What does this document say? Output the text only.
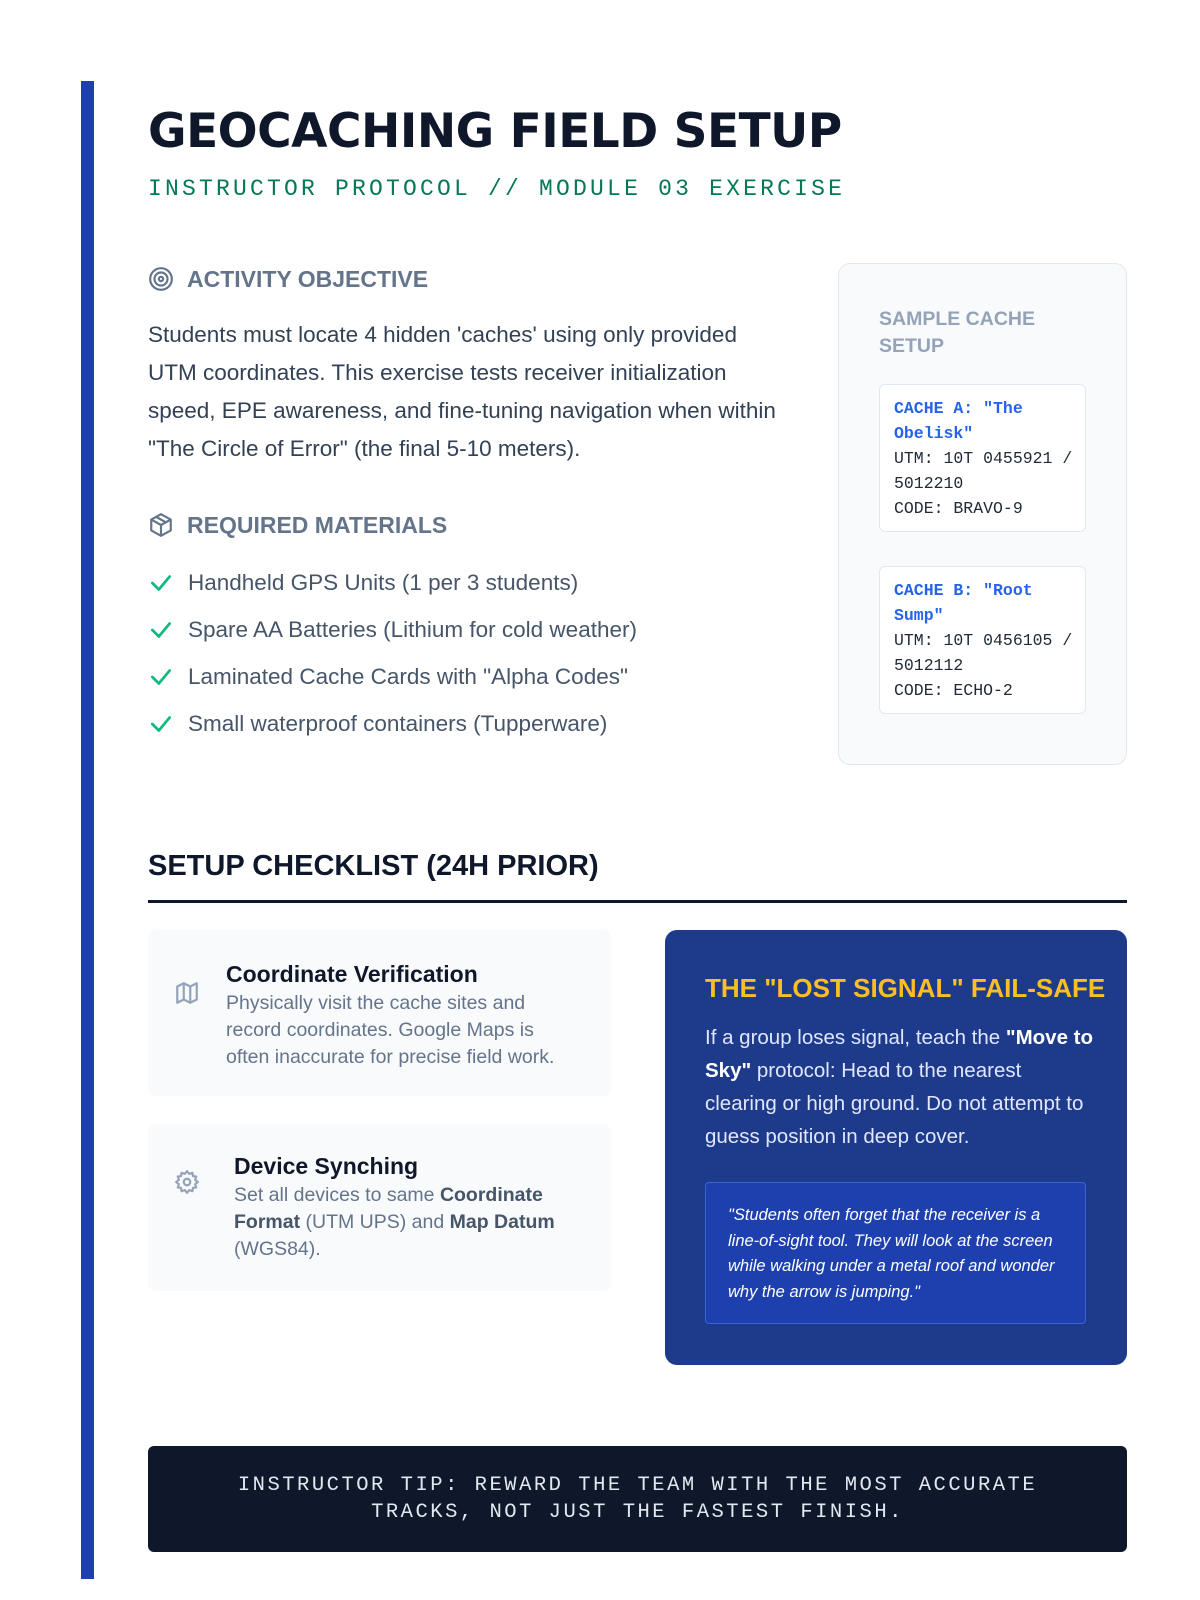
GEOCACHING FIELD SETUP
INSTRUCTOR PROTOCOL // MODULE 03 EXERCISE
ACTIVITY OBJECTIVE

Students must locate 4 hidden 'caches' using only provided UTM coordinates. This exercise tests receiver initialization speed, EPE awareness, and fine-tuning navigation when within "The Circle of Error" (the final 5-10 meters).

REQUIRED MATERIALS
Handheld GPS Units (1 per 3 students)
Spare AA Batteries (Lithium for cold weather)
Laminated Cache Cards with "Alpha Codes"
Small waterproof containers (Tupperware)
SAMPLE CACHE SETUP
CACHE A: "The Obelisk"
UTM: 10T 0455921 / 5012210
CODE: BRAVO-9
CACHE B: "Root Sump"
UTM: 10T 0456105 / 5012112
CODE: ECHO-2
SETUP CHECKLIST (24H PRIOR)
Coordinate Verification
Physically visit the cache sites and record coordinates. Google Maps is often inaccurate for precise field work.
Device Synching
Set all devices to same Coordinate Format (UTM UPS) and Map Datum (WGS84).
THE "LOST SIGNAL" FAIL-SAFE

If a group loses signal, teach the "Move to Sky" protocol: Head to the nearest clearing or high ground. Do not attempt to guess position in deep cover.

"Students often forget that the receiver is a line-of-sight tool. They will look at the screen while walking under a metal roof and wonder why the arrow is jumping."
INSTRUCTOR TIP: REWARD THE TEAM WITH THE MOST ACCURATE TRACKS, NOT JUST THE FASTEST FINISH.
